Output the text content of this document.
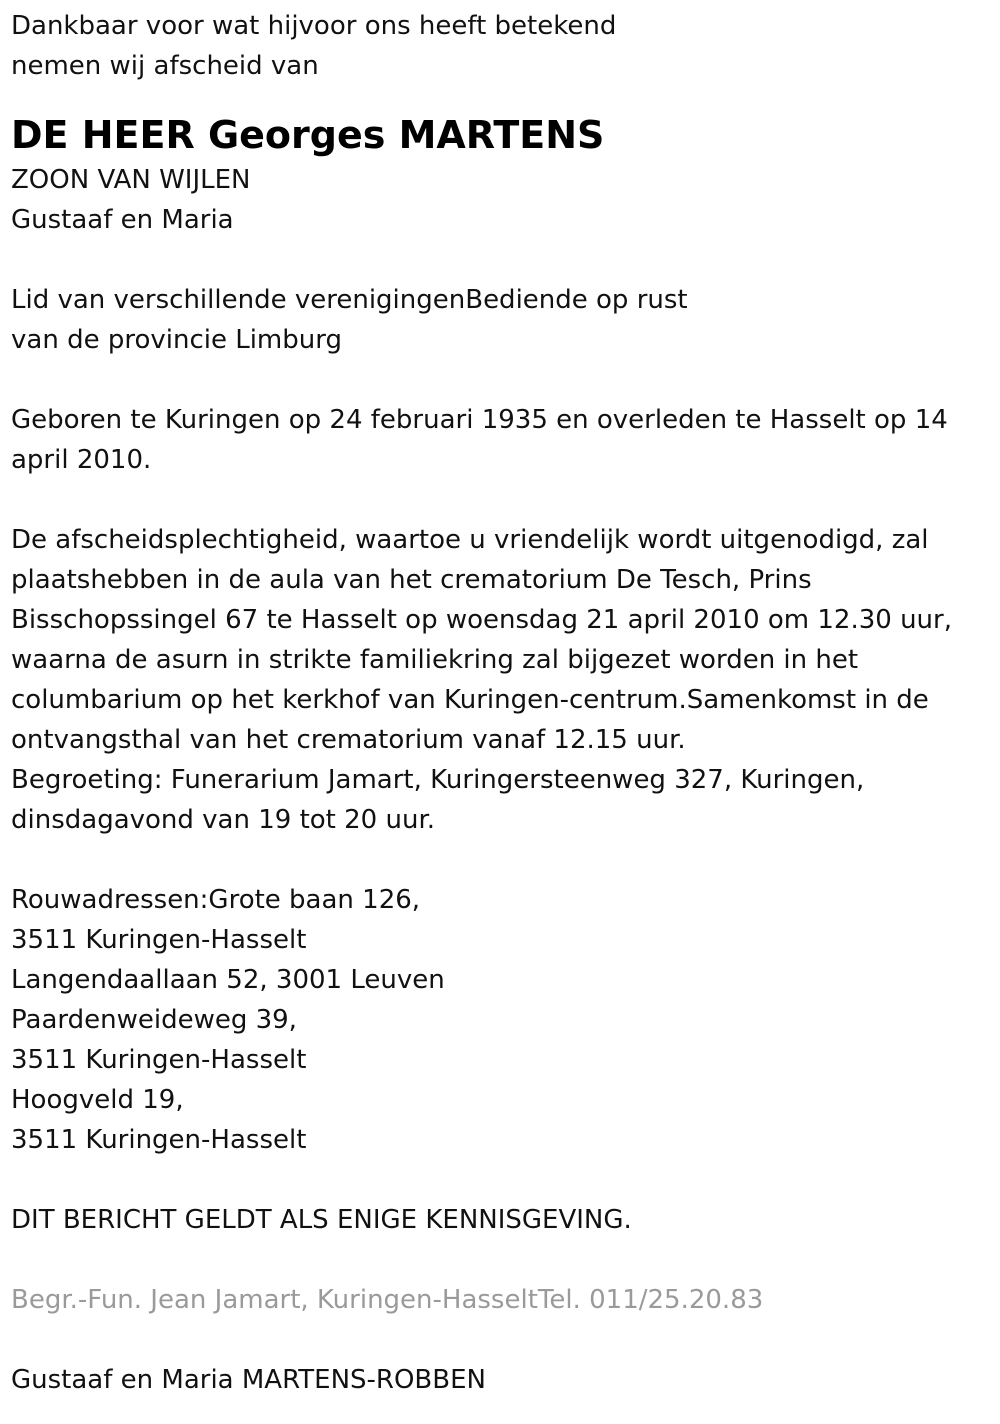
Dankbaar voor wat hijvoor ons heeft betekend

nemen wij afscheid van

DE HEER Georges MARTENS

ZOON VAN WIJLEN

Gustaaf en Maria

Lid van verschillende verenigingenBediende op rust

van de provincie Limburg

Geboren te Kuringen op 24 februari 1935 en overleden te Hasselt op 14 april 2010.

De afscheidsplechtigheid, waartoe u vriendelijk wordt uitgenodigd, zal plaatshebben in de aula van het crematorium De Tesch, Prins Bisschopssingel 67 te Hasselt op woensdag 21 april 2010 om 12.30 uur, waarna de asurn in strikte familiekring zal bijgezet worden in het columbarium op het kerkhof van Kuringen-centrum.Samenkomst in de ontvangsthal van het crematorium vanaf 12.15 uur.

Begroeting: Funerarium Jamart, Kuringersteenweg 327, Kuringen, dinsdagavond van 19 tot 20 uur.

Rouwadressen:Grote baan 126,

3511 Kuringen-Hasselt

Langendaallaan 52, 3001 Leuven

Paardenweideweg 39,

3511 Kuringen-Hasselt

Hoogveld 19,

3511 Kuringen-Hasselt

DIT BERICHT GELDT ALS ENIGE KENNISGEVING.

Begr.-Fun. Jean Jamart, Kuringen-HasseltTel. 011/25.20.83

Gustaaf en Maria MARTENS-ROBBEN
